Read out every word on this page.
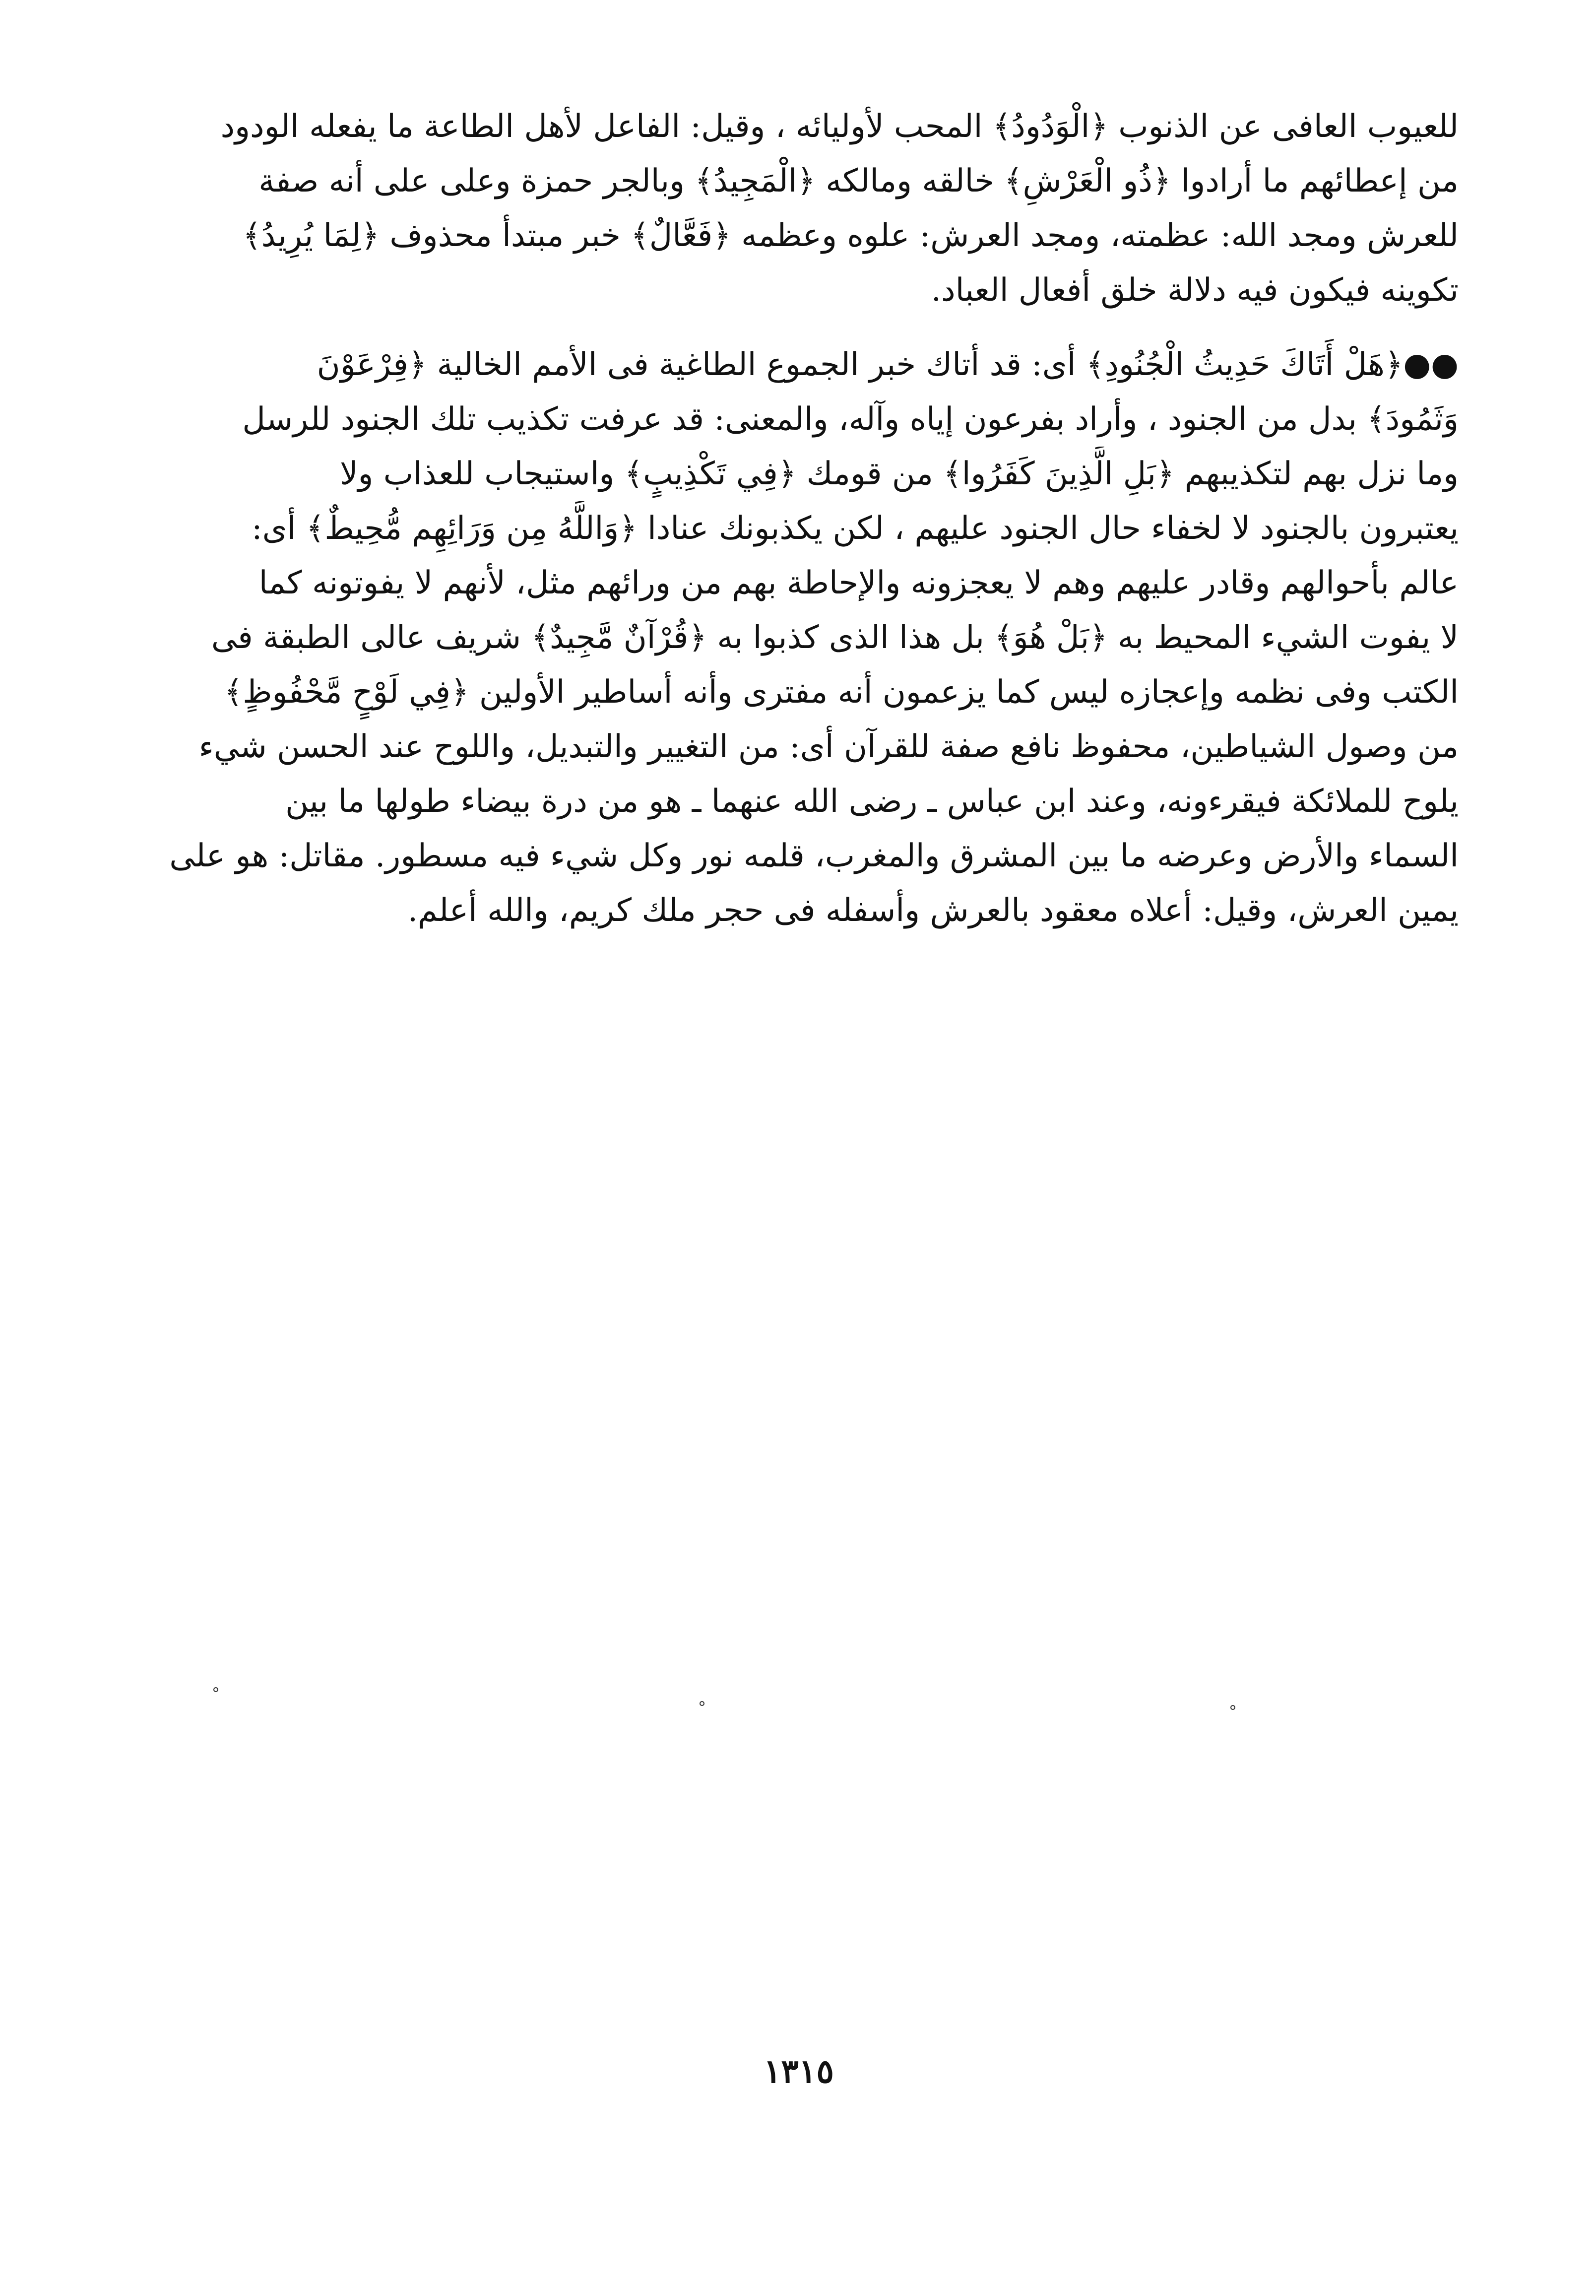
للعيوب العافى عن الذنوب ﴿الْوَدُودُ﴾ المحب لأوليائه ، وقيل: الفاعل لأهل الطاعة ما يفعله الودود
من إعطائهم ما أرادوا ﴿ذُو الْعَرْشِ﴾ خالقه ومالكه ﴿الْمَجِيدُ﴾ وبالجر حمزة وعلى على أنه صفة
للعرش ومجد الله: عظمته، ومجد العرش: علوه وعظمه ﴿فَعَّالٌ﴾ خبر مبتدأ محذوف ﴿لِمَا يُرِيدُ﴾
تكوينه فيكون فيه دلالة خلق أفعال العباد.
●●﴿هَلْ أَتَاكَ حَدِيثُ الْجُنُودِ﴾ أى: قد أتاك خبر الجموع الطاغية فى الأمم الخالية ﴿فِرْعَوْنَ
وَثَمُودَ﴾ بدل من الجنود ، وأراد بفرعون إياه وآله، والمعنى: قد عرفت تكذيب تلك الجنود للرسل
وما نزل بهم لتكذيبهم ﴿بَلِ الَّذِينَ كَفَرُوا﴾ من قومك ﴿فِي تَكْذِيبٍ﴾ واستيجاب للعذاب ولا
يعتبرون بالجنود لا لخفاء حال الجنود عليهم ، لكن يكذبونك عنادا ﴿وَاللَّهُ مِن وَرَائِهِم مُّحِيطٌ﴾ أى:
عالم بأحوالهم وقادر عليهم وهم لا يعجزونه والإحاطة بهم من ورائهم مثل، لأنهم لا يفوتونه كما
لا يفوت الشيء المحيط به ﴿بَلْ هُوَ﴾ بل هذا الذى كذبوا به ﴿قُرْآنٌ مَّجِيدٌ﴾ شريف عالى الطبقة فى
الكتب وفى نظمه وإعجازه ليس كما يزعمون أنه مفترى وأنه أساطير الأولين ﴿فِي لَوْحٍ مَّحْفُوظٍ﴾
من وصول الشياطين، محفوظ نافع صفة للقرآن أى: من التغيير والتبديل، واللوح عند الحسن شيء
يلوح للملائكة فيقرءونه، وعند ابن عباس ـ رضى الله عنهما ـ هو من درة بيضاء طولها ما بين
السماء والأرض وعرضه ما بين المشرق والمغرب، قلمه نور وكل شيء فيه مسطور. مقاتل: هو على
يمين العرش، وقيل: أعلاه معقود بالعرش وأسفله فى حجر ملك كريم، والله أعلم.
١٣١٥
